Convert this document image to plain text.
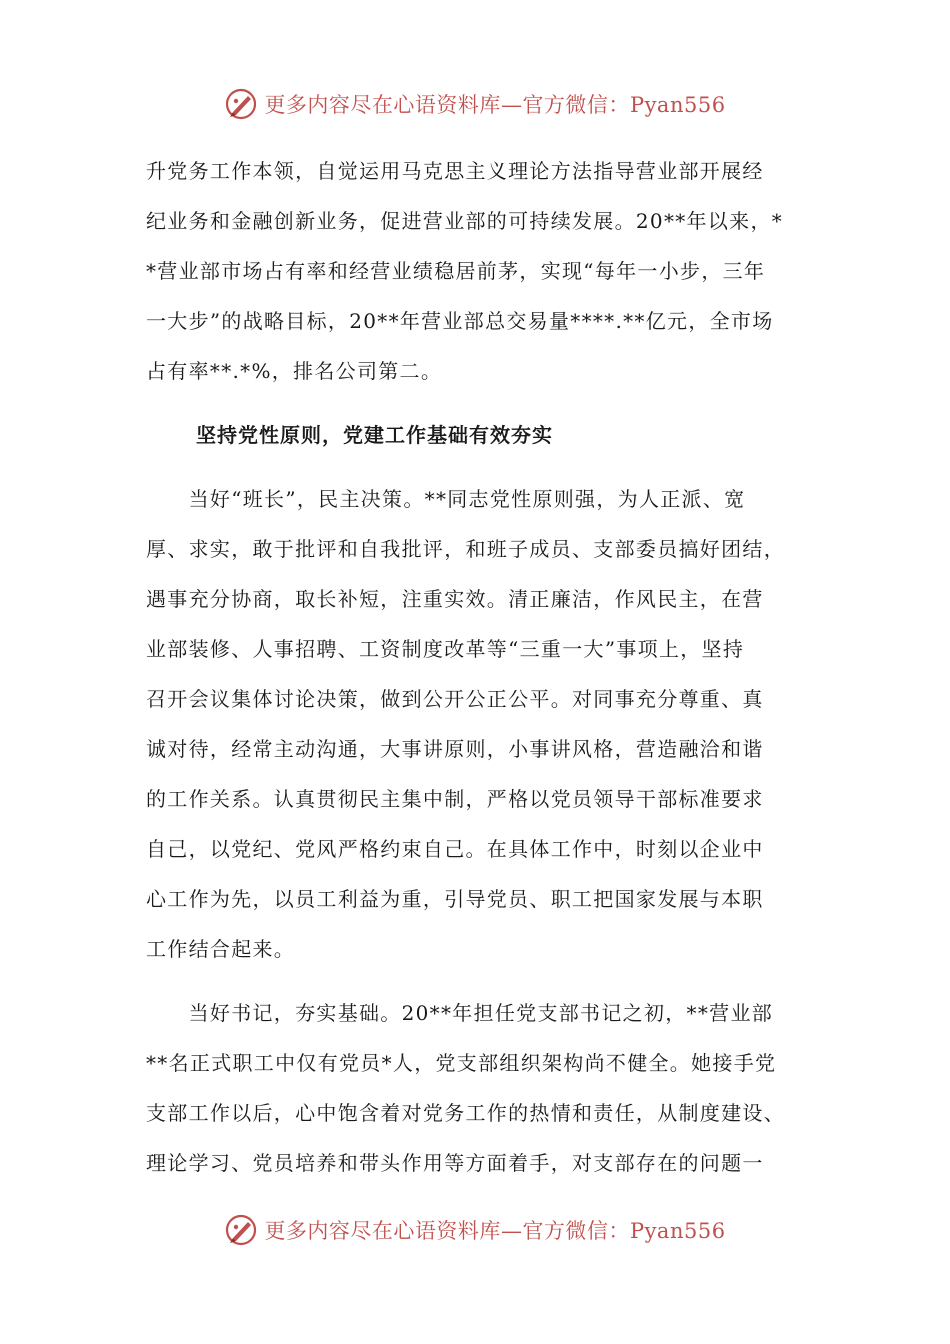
更多内容尽在心语资料库—官方微信：Pyan556

升党务工作本领，自觉运用马克思主义理论方法指导营业部开展经
纪业务和金融创新业务，促进营业部的可持续发展。20**年以来，*
*营业部市场占有率和经营业绩稳居前茅，实现“每年一小步，三年
一大步”的战略目标，20**年营业部总交易量****.**亿元，全市场
占有率**.*%，排名公司第二。

坚持党性原则，党建工作基础有效夯实

　　当好“班长”，民主决策。**同志党性原则强，为人正派、宽
厚、求实，敢于批评和自我批评，和班子成员、支部委员搞好团结，
遇事充分协商，取长补短，注重实效。清正廉洁，作风民主，在营
业部装修、人事招聘、工资制度改革等“三重一大”事项上，坚持
召开会议集体讨论决策，做到公开公正公平。对同事充分尊重、真
诚对待，经常主动沟通，大事讲原则，小事讲风格，营造融洽和谐
的工作关系。认真贯彻民主集中制，严格以党员领导干部标准要求
自己，以党纪、党风严格约束自己。在具体工作中，时刻以企业中
心工作为先，以员工利益为重，引导党员、职工把国家发展与本职
工作结合起来。

　　当好书记，夯实基础。20**年担任党支部书记之初，**营业部
**名正式职工中仅有党员*人，党支部组织架构尚不健全。她接手党
支部工作以后，心中饱含着对党务工作的热情和责任，从制度建设、
理论学习、党员培养和带头作用等方面着手，对支部存在的问题一

更多内容尽在心语资料库—官方微信：Pyan556
